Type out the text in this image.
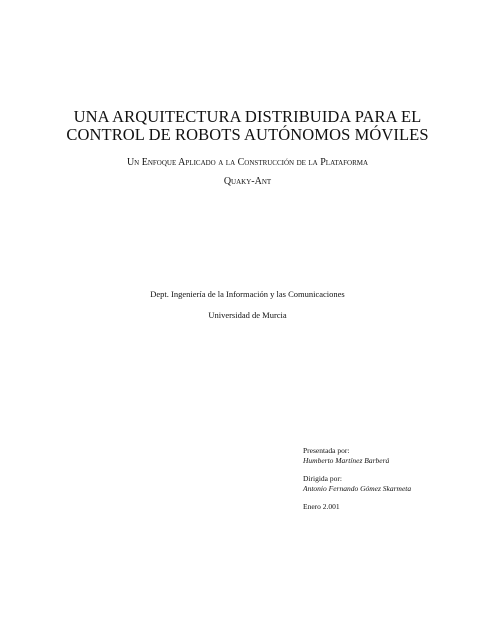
UNA ARQUITECTURA DISTRIBUIDA PARA EL
CONTROL DE ROBOTS AUTÓNOMOS MÓVILES
Un Enfoque Aplicado a la Construcción de la Plataforma
Quaky-Ant
Dept. Ingeniería de la Información y las Comunicaciones
Universidad de Murcia
Presentada por:
Humberto Martínez Barberá
Dirigida por:
Antonio Fernando Gómez Skarmeta
Enero 2.001
